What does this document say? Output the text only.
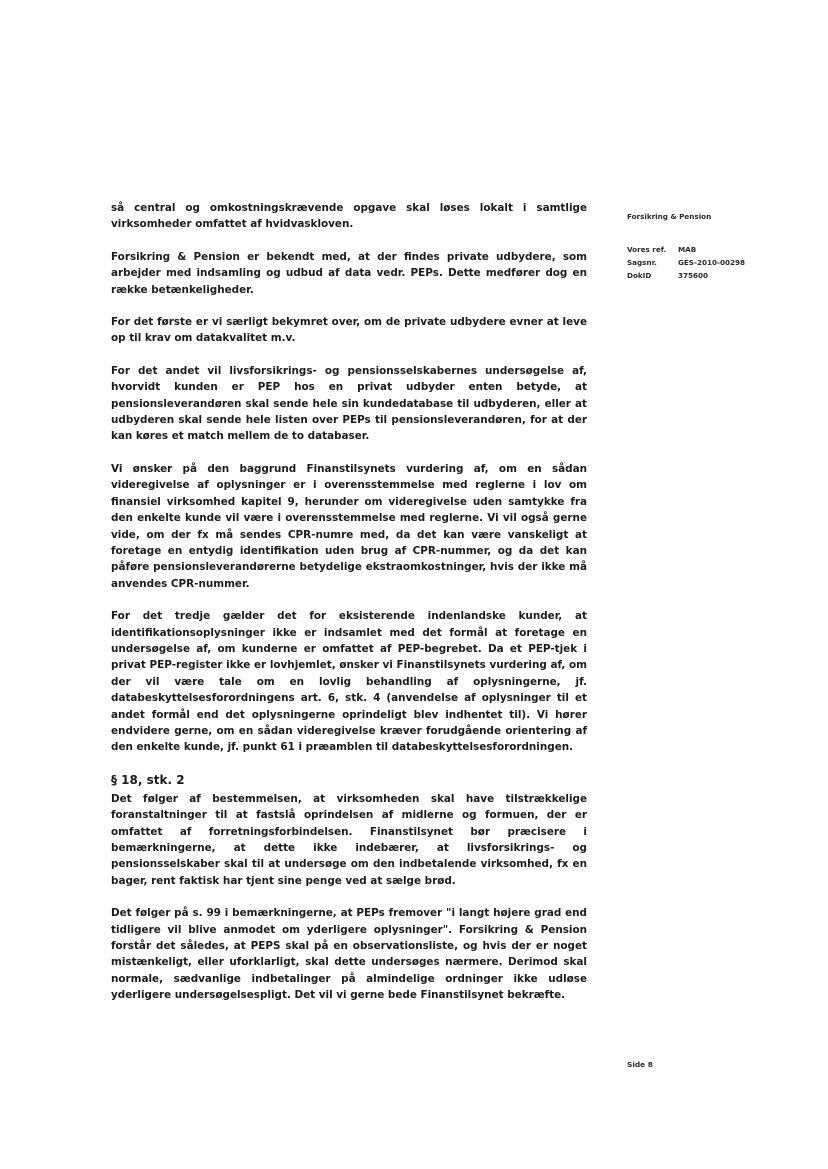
så central og omkostningskrævende opgave skal løses lokalt i samtlige virksomheder omfattet af hvidvaskloven.

Forsikring & Pension er bekendt med, at der findes private udbydere, som arbejder med indsamling og udbud af data vedr. PEPs. Dette medfører dog en række betænkeligheder.

For det første er vi særligt bekymret over, om de private udbydere evner at leve op til krav om datakvalitet m.v.

For det andet vil livsforsikrings- og pensionsselskabernes undersøgelse af, hvorvidt kunden er PEP hos en privat udbyder enten betyde, at pensionsleverandøren skal sende hele sin kundedatabase til udbyderen, eller at udbyderen skal sende hele listen over PEPs til pensionsleverandøren, for at der kan køres et match mellem de to databaser.

Vi ønsker på den baggrund Finanstilsynets vurdering af, om en sådan videregivelse af oplysninger er i overensstemmelse med reglerne i lov om finansiel virksomhed kapitel 9, herunder om videregivelse uden samtykke fra den enkelte kunde vil være i overensstemmelse med reglerne. Vi vil også gerne vide, om der fx må sendes CPR-numre med, da det kan være vanskeligt at foretage en entydig identifikation uden brug af CPR-nummer, og da det kan påføre pensionsleverandørerne betydelige ekstraomkostninger, hvis der ikke må anvendes CPR-nummer.

For det tredje gælder det for eksisterende indenlandske kunder, at identifikationsoplysninger ikke er indsamlet med det formål at foretage en undersøgelse af, om kunderne er omfattet af PEP-begrebet. Da et PEP-tjek i privat PEP-register ikke er lovhjemlet, ønsker vi Finanstilsynets vurdering af, om der vil være tale om en lovlig behandling af oplysningerne, jf. databeskyttelsesforordningens art. 6, stk. 4 (anvendelse af oplysninger til et andet formål end det oplysningerne oprindeligt blev indhentet til). Vi hører endvidere gerne, om en sådan videregivelse kræver forudgående orientering af den enkelte kunde, jf. punkt 61 i præamblen til databeskyttelsesforordningen.

§ 18, stk. 2

Det følger af bestemmelsen, at virksomheden skal have tilstrækkelige foranstaltninger til at fastslå oprindelsen af midlerne og formuen, der er omfattet af forretningsforbindelsen. Finanstilsynet bør præcisere i bemærkningerne, at dette ikke indebærer, at livsforsikrings- og pensionsselskaber skal til at undersøge om den indbetalende virksomhed, fx en bager, rent faktisk har tjent sine penge ved at sælge brød.

Det følger på s. 99 i bemærkningerne, at PEPs fremover "i langt højere grad end tidligere vil blive anmodet om yderligere oplysninger". Forsikring & Pension forstår det således, at PEPS skal på en observationsliste, og hvis der er noget mistænkeligt, eller uforklarligt, skal dette undersøges nærmere. Derimod skal normale, sædvanlige indbetalinger på almindelige ordninger ikke udløse yderligere undersøgelsespligt. Det vil vi gerne bede Finanstilsynet bekræfte.

Forsikring & Pension
Vores ref.	MAB
Sagsnr.	GES-2010-00298
DokID	375600
Side 8
